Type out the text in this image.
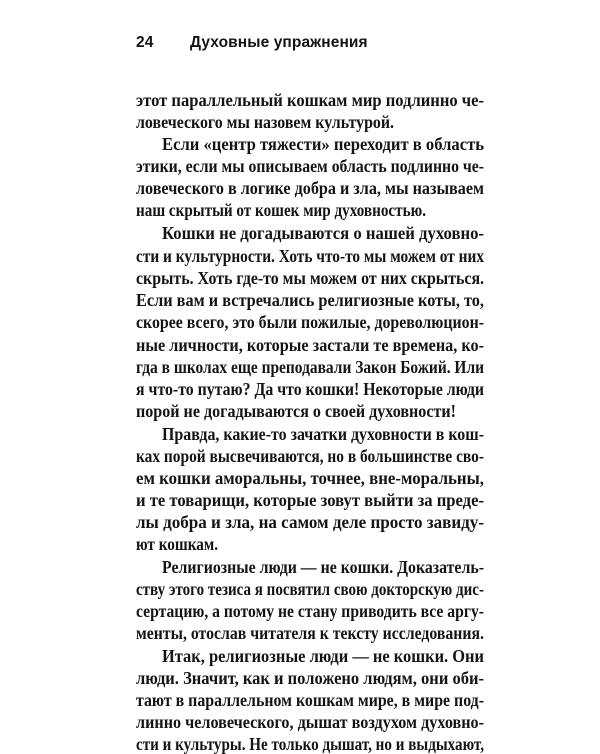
24 Духовные упражнения
этот параллельный кошкам мир подлинно че-
ловеческого мы назовем культурой.
Если «центр тяжести» переходит в область
этики, если мы описываем область подлинно че-
ловеческого в логике добра и зла, мы называем
наш скрытый от кошек мир духовностью.
Кошки не догадываются о нашей духовно-
сти и культурности. Хоть что-то мы можем от них
скрыть. Хоть где-то мы можем от них скрыться.
Если вам и встречались религиозные коты, то,
скорее всего, это были пожилые, дореволюцион-
ные личности, которые застали те времена, ко-
гда в школах еще преподавали Закон Божий. Или
я что-то путаю? Да что кошки! Некоторые люди
порой не догадываются о своей духовности!
Правда, какие-то зачатки духовности в кош-
ках порой высвечиваются, но в большинстве сво-
ем кошки аморальны, точнее, вне-моральны,
и те товарищи, которые зовут выйти за преде-
лы добра и зла, на самом деле просто завиду-
ют кошкам.
Религиозные люди — не кошки. Доказатель-
ству этого тезиса я посвятил свою докторскую дис-
сертацию, а потому не стану приводить все аргу-
менты, отослав читателя к тексту исследования.
Итак, религиозные люди — не кошки. Они
люди. Значит, как и положено людям, они оби-
тают в параллельном кошкам мире, в мире под-
линно человеческого, дышат воздухом духовно-
сти и культуры. Не только дышат, но и выдыхают,
